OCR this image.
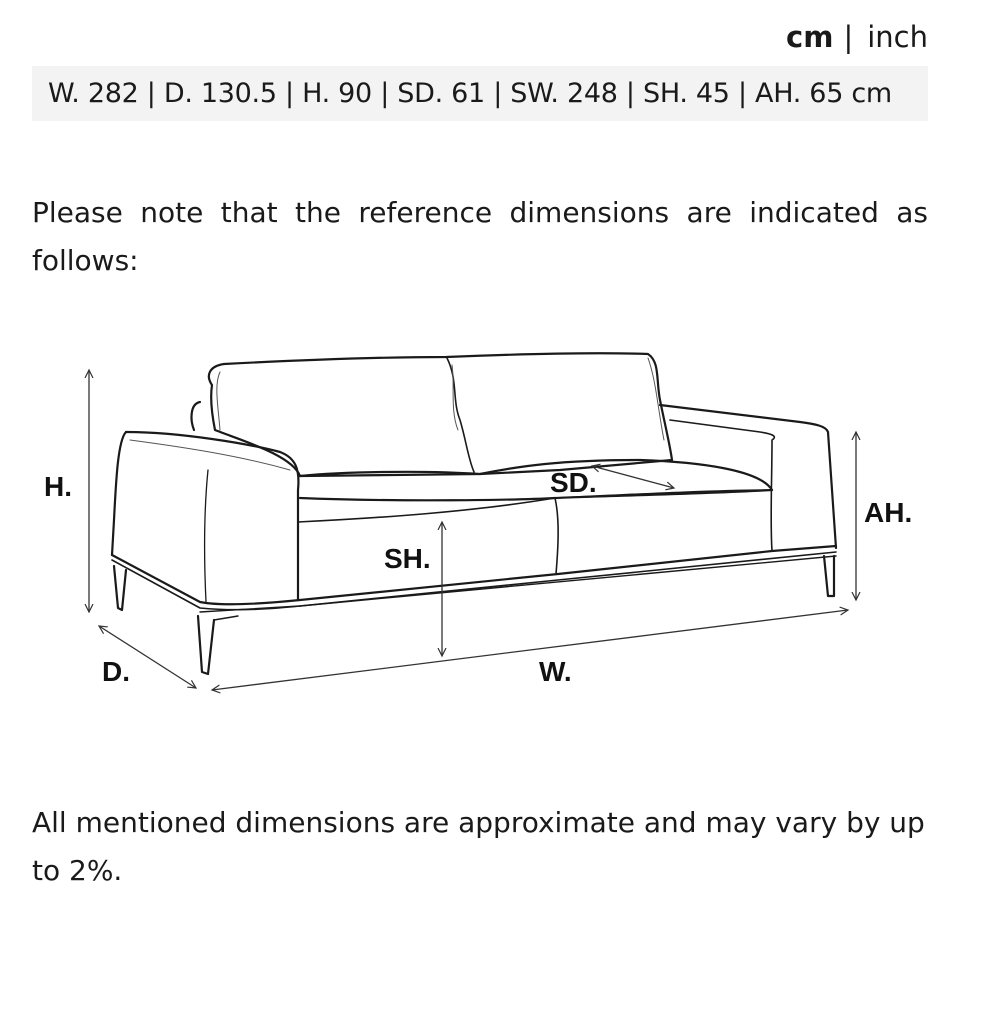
cm | inch
W. 282 | D. 130.5 | H. 90 | SD. 61 | SW. 248 | SH. 45 | AH. 65 cm

Please note that the reference dimensions are indicated as follows:

H.
D.	W.
SD.
SH.
AH.

All mentioned dimensions are approximate and may vary by up to 2%.
